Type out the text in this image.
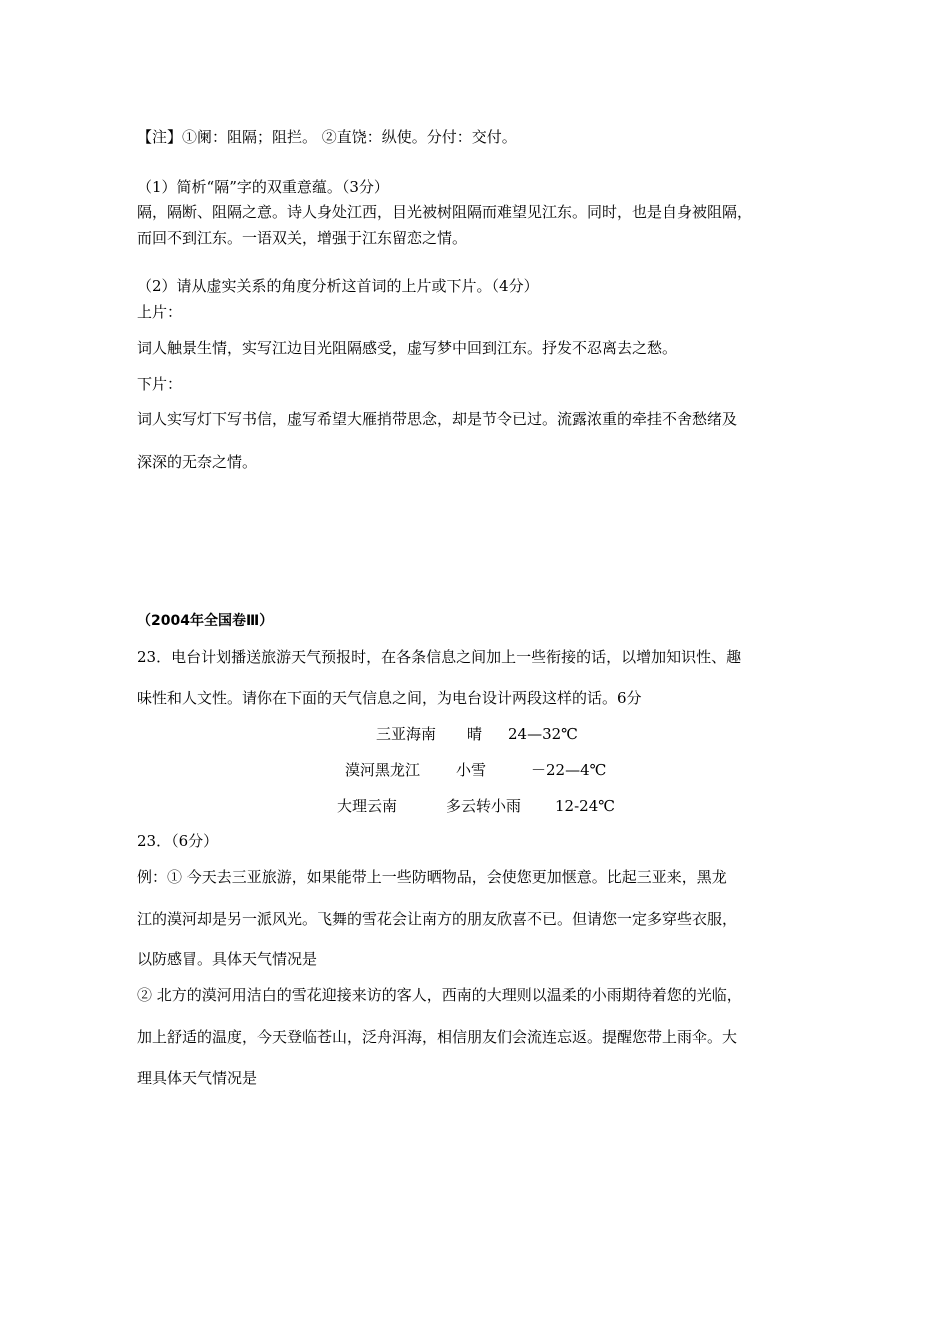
【注】①阑：阻隔；阻拦。 ②直饶：纵使。分付：交付。
（1）简析“隔”字的双重意蕴。（3分）
隔，隔断、阻隔之意。诗人身处江西，目光被树阻隔而难望见江东。同时，也是自身被阻隔，
而回不到江东。一语双关，增强于江东留恋之情。
（2）请从虚实关系的角度分析这首词的上片或下片。（4分）
上片：
词人触景生情，实写江边目光阻隔感受，虚写梦中回到江东。抒发不忍离去之愁。
下片：
词人实写灯下写书信，虚写希望大雁捎带思念，却是节令已过。流露浓重的牵挂不舍愁绪及
深深的无奈之情。
（2004年全国卷Ⅲ）
23．电台计划播送旅游天气预报时，在各条信息之间加上一些衔接的话，以增加知识性、趣
味性和人文性。请你在下面的天气信息之间，为电台设计两段这样的话。6分
三亚海南 晴 24—32℃
漠河黑龙江 小雪	－22—4℃
大理云南	多云转小雨 12-24℃
23．（6分）
例：① 今天去三亚旅游，如果能带上一些防晒物品，会使您更加惬意。比起三亚来，黑龙
江的漠河却是另一派风光。飞舞的雪花会让南方的朋友欣喜不已。但请您一定多穿些衣服，
以防感冒。具体天气情况是
② 北方的漠河用洁白的雪花迎接来访的客人，西南的大理则以温柔的小雨期待着您的光临，
加上舒适的温度，今天登临苍山，泛舟洱海，相信朋友们会流连忘返。提醒您带上雨伞。大
理具体天气情况是
